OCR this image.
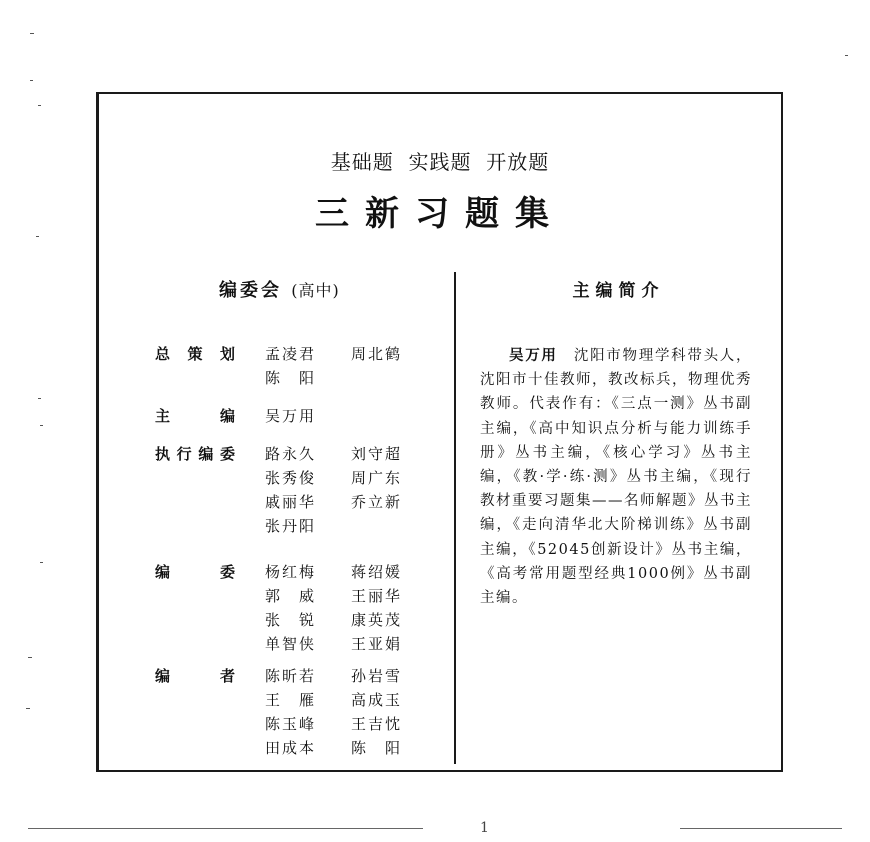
基础题  实践题  开放题
三新习题集
编委会 (高中)
总策划 孟凌君	周北鹤
陈　阳
主编 吴万用
执行编委 路永久	刘守超
张秀俊	周广东
戚丽华	乔立新
张丹阳
编委 杨红梅	蒋绍媛
郭　威	王丽华
张　锐	康英茂
单智侠	王亚娟
编者 陈昕若	孙岩雪
王　雁	高成玉
陈玉峰	王吉忱
田成本	陈　阳
主编简介
吴万用　沈阳市物理学科带头人，沈阳市十佳教师，教改标兵，物理优秀教师。代表作有：《三点一测》丛书副主编，《高中知识点分析与能力训练手册》丛书主编，《核心学习》丛书主编，《教·学·练·测》丛书主编，《现行教材重要习题集——名师解题》丛书主编，《走向清华北大阶梯训练》丛书副主编，《52045创新设计》丛书主编，《高考常用题型经典1000例》丛书副主编。
1
